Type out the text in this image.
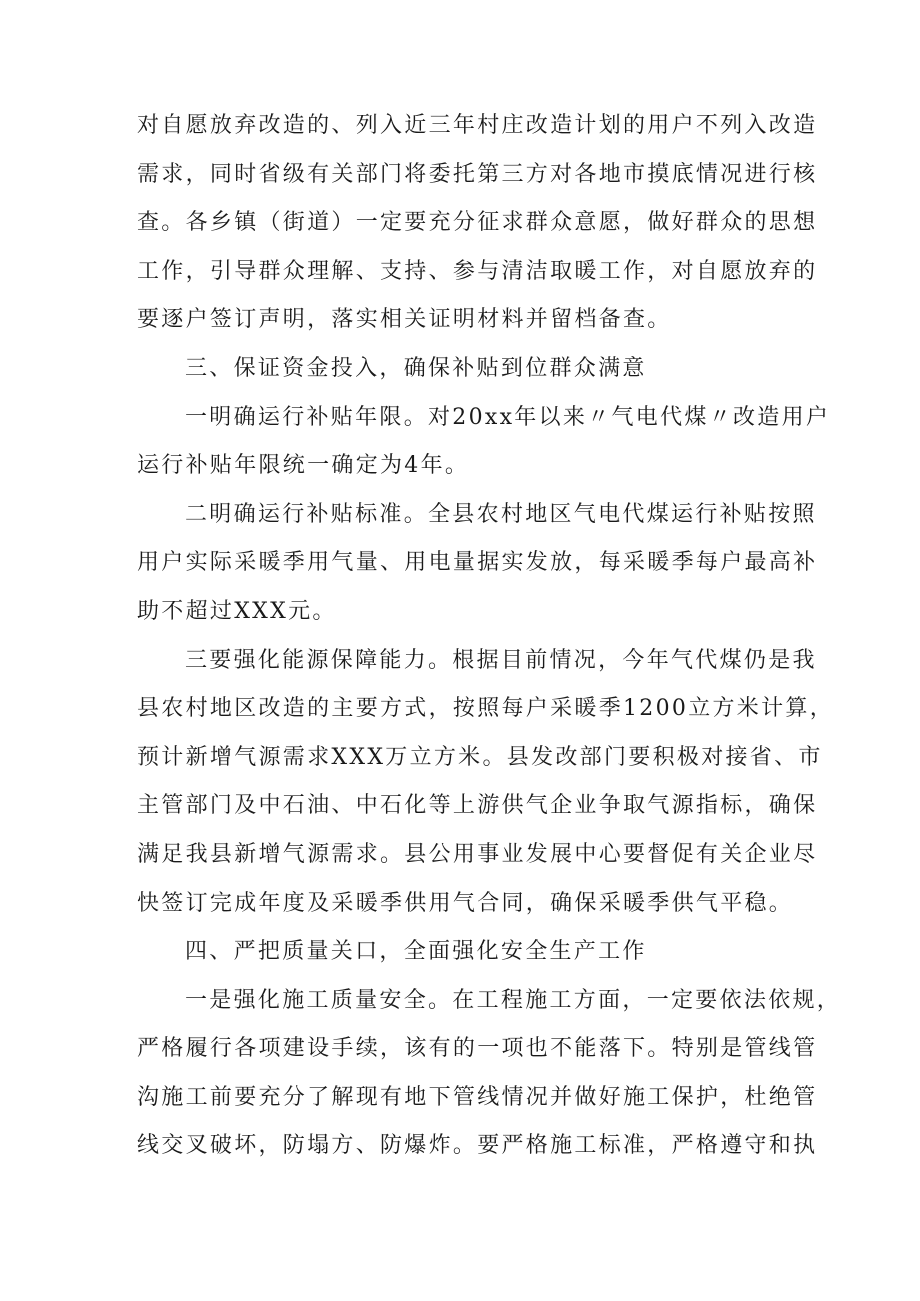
对自愿放弃改造的、列入近三年村庄改造计划的用户不列入改造
需求，同时省级有关部门将委托第三方对各地市摸底情况进行核
查。各乡镇（街道）一定要充分征求群众意愿，做好群众的思想
工作，引导群众理解、支持、参与清洁取暖工作，对自愿放弃的
要逐户签订声明，落实相关证明材料并留档备查。
三、保证资金投入，确保补贴到位群众满意
一明确运行补贴年限。对20xx年以来〃气电代煤〃改造用户
运行补贴年限统一确定为4年。
二明确运行补贴标准。全县农村地区气电代煤运行补贴按照
用户实际采暖季用气量、用电量据实发放，每采暖季每户最高补
助不超过XXX元。
三要强化能源保障能力。根据目前情况，今年气代煤仍是我
县农村地区改造的主要方式，按照每户采暖季1200立方米计算，
预计新增气源需求XXX万立方米。县发改部门要积极对接省、市
主管部门及中石油、中石化等上游供气企业争取气源指标，确保
满足我县新增气源需求。县公用事业发展中心要督促有关企业尽
快签订完成年度及采暖季供用气合同，确保采暖季供气平稳。
四、严把质量关口，全面强化安全生产工作
一是强化施工质量安全。在工程施工方面，一定要依法依规，
严格履行各项建设手续，该有的一项也不能落下。特别是管线管
沟施工前要充分了解现有地下管线情况并做好施工保护，杜绝管
线交叉破坏，防塌方、防爆炸。要严格施工标准，严格遵守和执
